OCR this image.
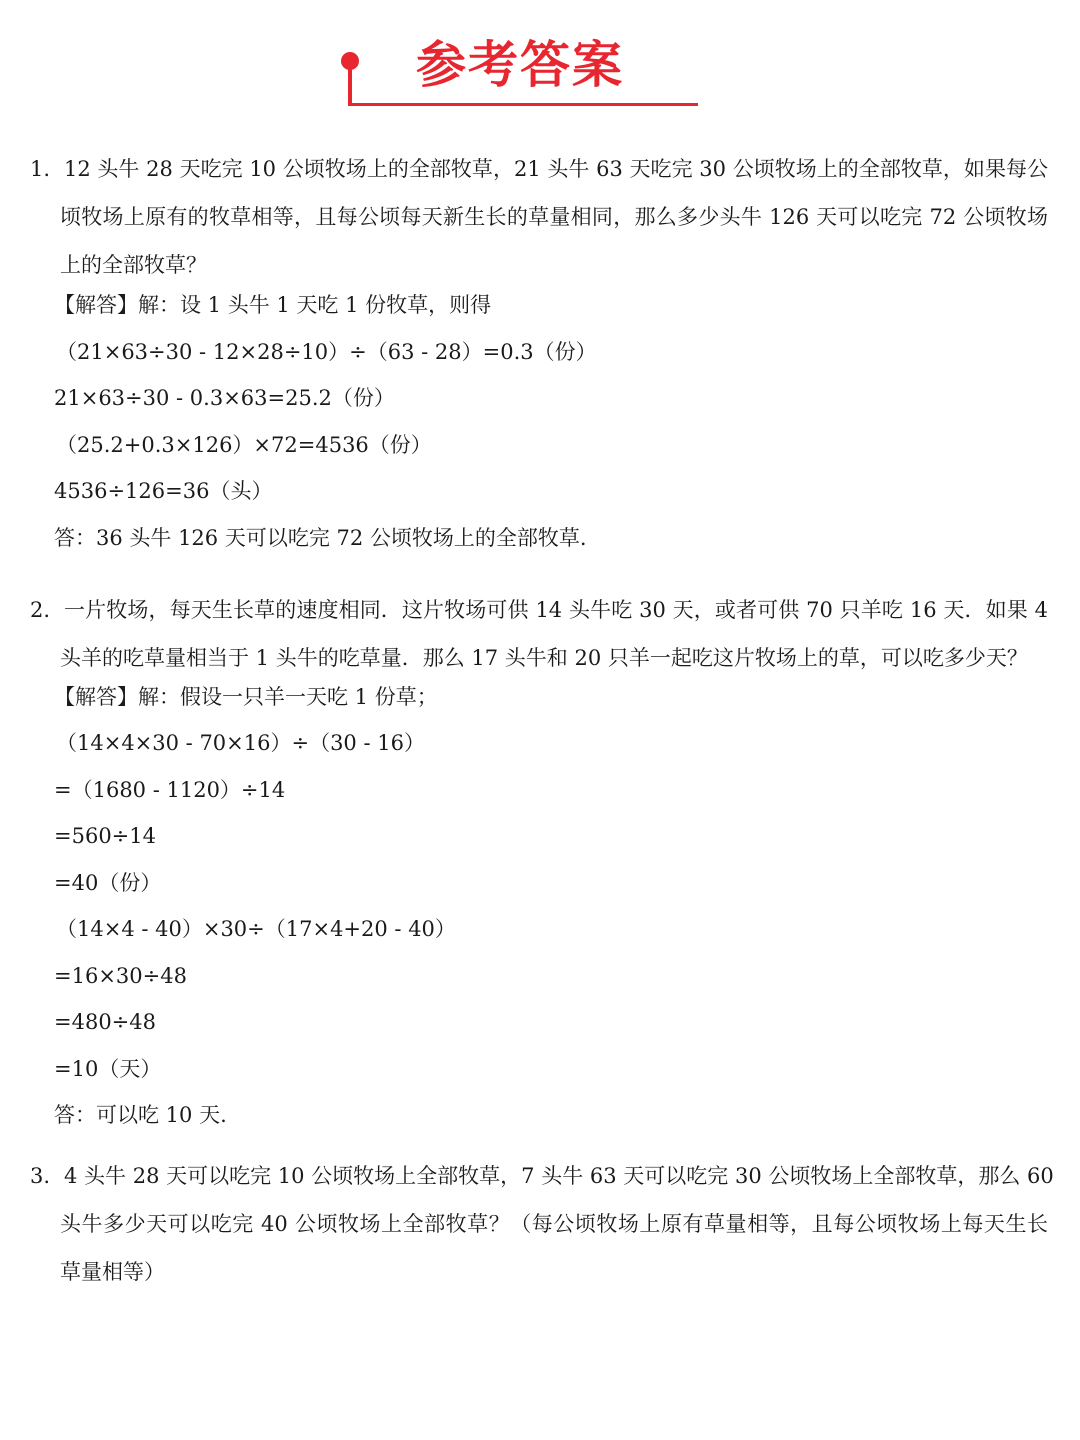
参考答案
1. 12 头牛 28 天吃完 10 公顷牧场上的全部牧草，21 头牛 63 天吃完 30 公顷牧场上的全部牧草，如果每公
顷牧场上原有的牧草相等，且每公顷每天新生长的草量相同，那么多少头牛 126 天可以吃完 72 公顷牧场
上的全部牧草？
【解答】解：设 1 头牛 1 天吃 1 份牧草，则得
（21×63÷30 - 12×28÷10）÷（63 - 28）=0.3（份）
21×63÷30 - 0.3×63=25.2（份）
（25.2+0.3×126）×72=4536（份）
4536÷126=36（头）
答：36 头牛 126 天可以吃完 72 公顷牧场上的全部牧草.
2. 一片牧场，每天生长草的速度相同．这片牧场可供 14 头牛吃 30 天，或者可供 70 只羊吃 16 天．如果 4
头羊的吃草量相当于 1 头牛的吃草量．那么 17 头牛和 20 只羊一起吃这片牧场上的草，可以吃多少天？
【解答】解：假设一只羊一天吃 1 份草；
（14×4×30 - 70×16）÷（30 - 16）
=（1680 - 1120）÷14
=560÷14
=40（份）
（14×4 - 40）×30÷（17×4+20 - 40）
=16×30÷48
=480÷48
=10（天）
答：可以吃 10 天.
3. 4 头牛 28 天可以吃完 10 公顷牧场上全部牧草，7 头牛 63 天可以吃完 30 公顷牧场上全部牧草，那么 60
头牛多少天可以吃完 40 公顷牧场上全部牧草？（每公顷牧场上原有草量相等，且每公顷牧场上每天生长
草量相等）
